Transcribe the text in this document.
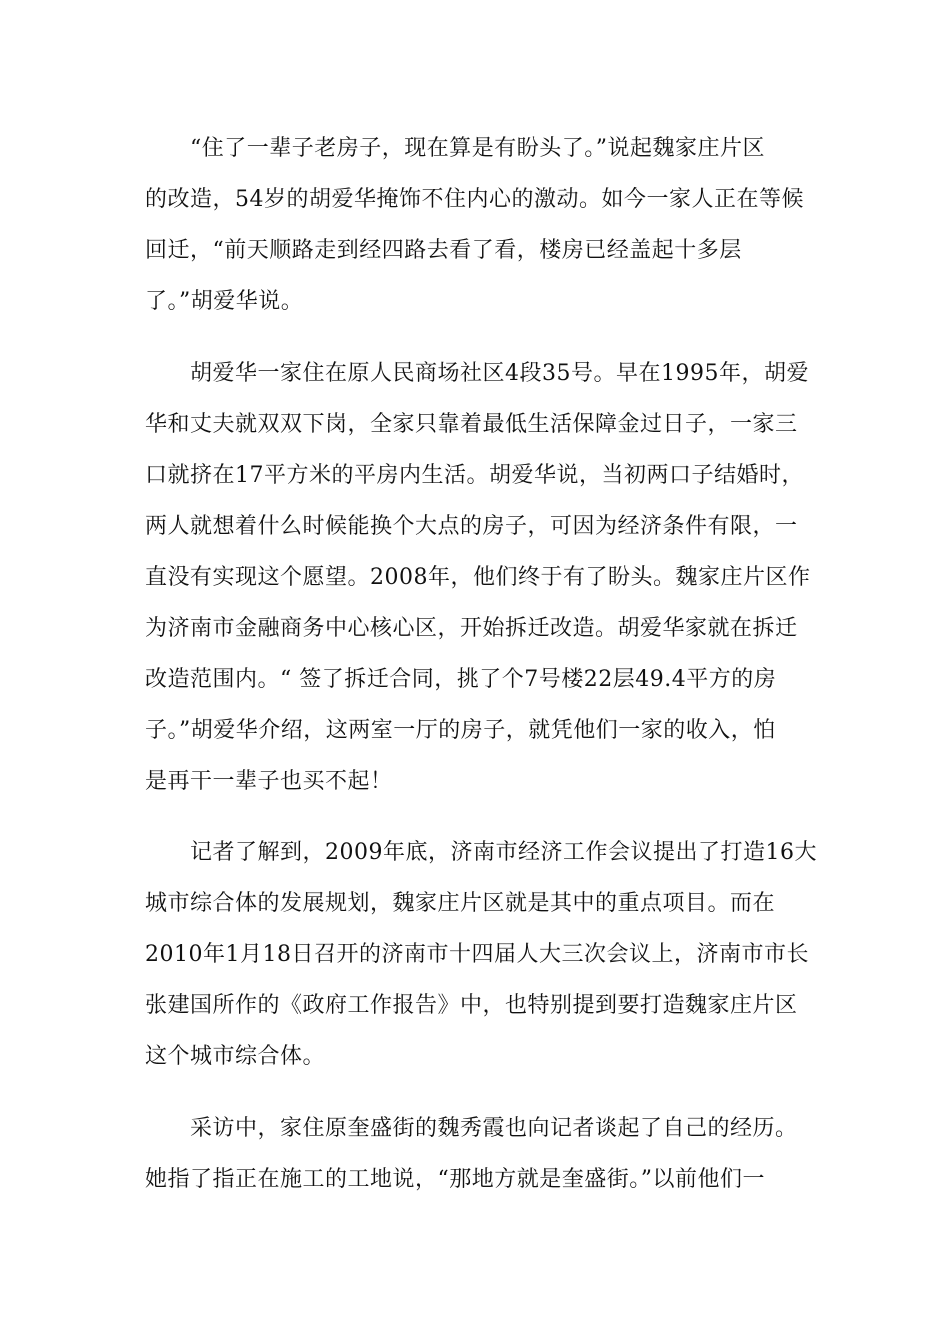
　　“住了一辈子老房子，现在算是有盼头了。”说起魏家庄片区
的改造，54岁的胡爱华掩饰不住内心的激动。如今一家人正在等候
回迁，“前天顺路走到经四路去看了看，楼房已经盖起十多层
了。”胡爱华说。
　　胡爱华一家住在原人民商场社区4段35号。早在1995年，胡爱
华和丈夫就双双下岗，全家只靠着最低生活保障金过日子，一家三
口就挤在17平方米的平房内生活。胡爱华说，当初两口子结婚时，
两人就想着什么时候能换个大点的房子，可因为经济条件有限，一
直没有实现这个愿望。2008年，他们终于有了盼头。魏家庄片区作
为济南市金融商务中心核心区，开始拆迁改造。胡爱华家就在拆迁
改造范围内。“ 签了拆迁合同，挑了个7号楼22层49.4平方的房
子。”胡爱华介绍，这两室一厅的房子，就凭他们一家的收入，怕
是再干一辈子也买不起！
　　记者了解到，2009年底，济南市经济工作会议提出了打造16大
城市综合体的发展规划，魏家庄片区就是其中的重点项目。而在
2010年1月18日召开的济南市十四届人大三次会议上，济南市市长
张建国所作的《政府工作报告》中，也特别提到要打造魏家庄片区
这个城市综合体。
　　采访中，家住原奎盛街的魏秀霞也向记者谈起了自己的经历。
她指了指正在施工的工地说，“那地方就是奎盛街。”以前他们一
